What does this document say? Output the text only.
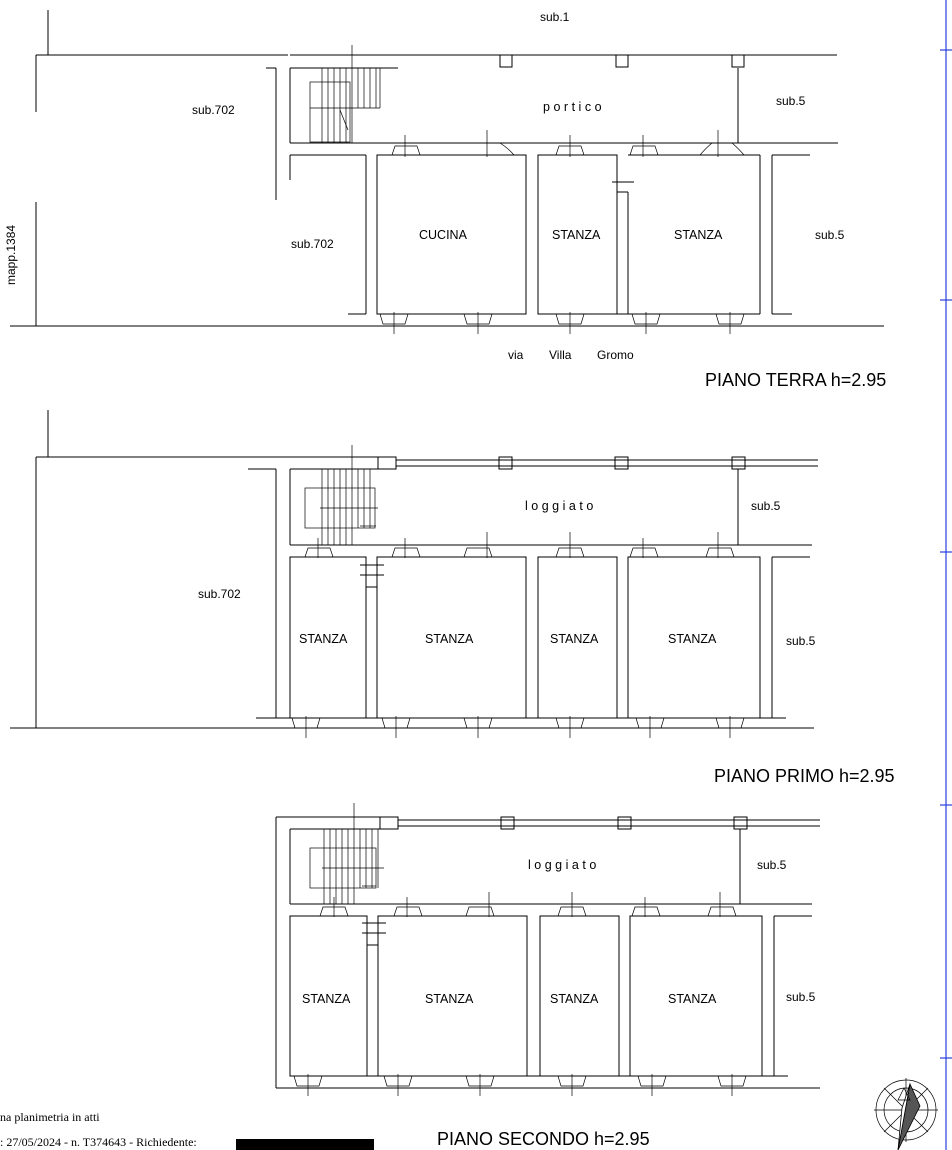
sub.1
sub.702
sub.702
portico	sub.5
sub.5
CUCINA	STANZA	STANZA
mapp.1384
via Villa Gromo
PIANO TERRA h=2.95
loggiato	sub.5
sub.5
sub.702
STANZA	STANZA	STANZA	STANZA
PIANO PRIMO h=2.95
loggiato	sub.5
sub.5
STANZA	STANZA	STANZA	STANZA
PIANO SECONDO h=2.95
na planimetria in atti
: 27/05/2024 - n. T374643 - Richiedente:
